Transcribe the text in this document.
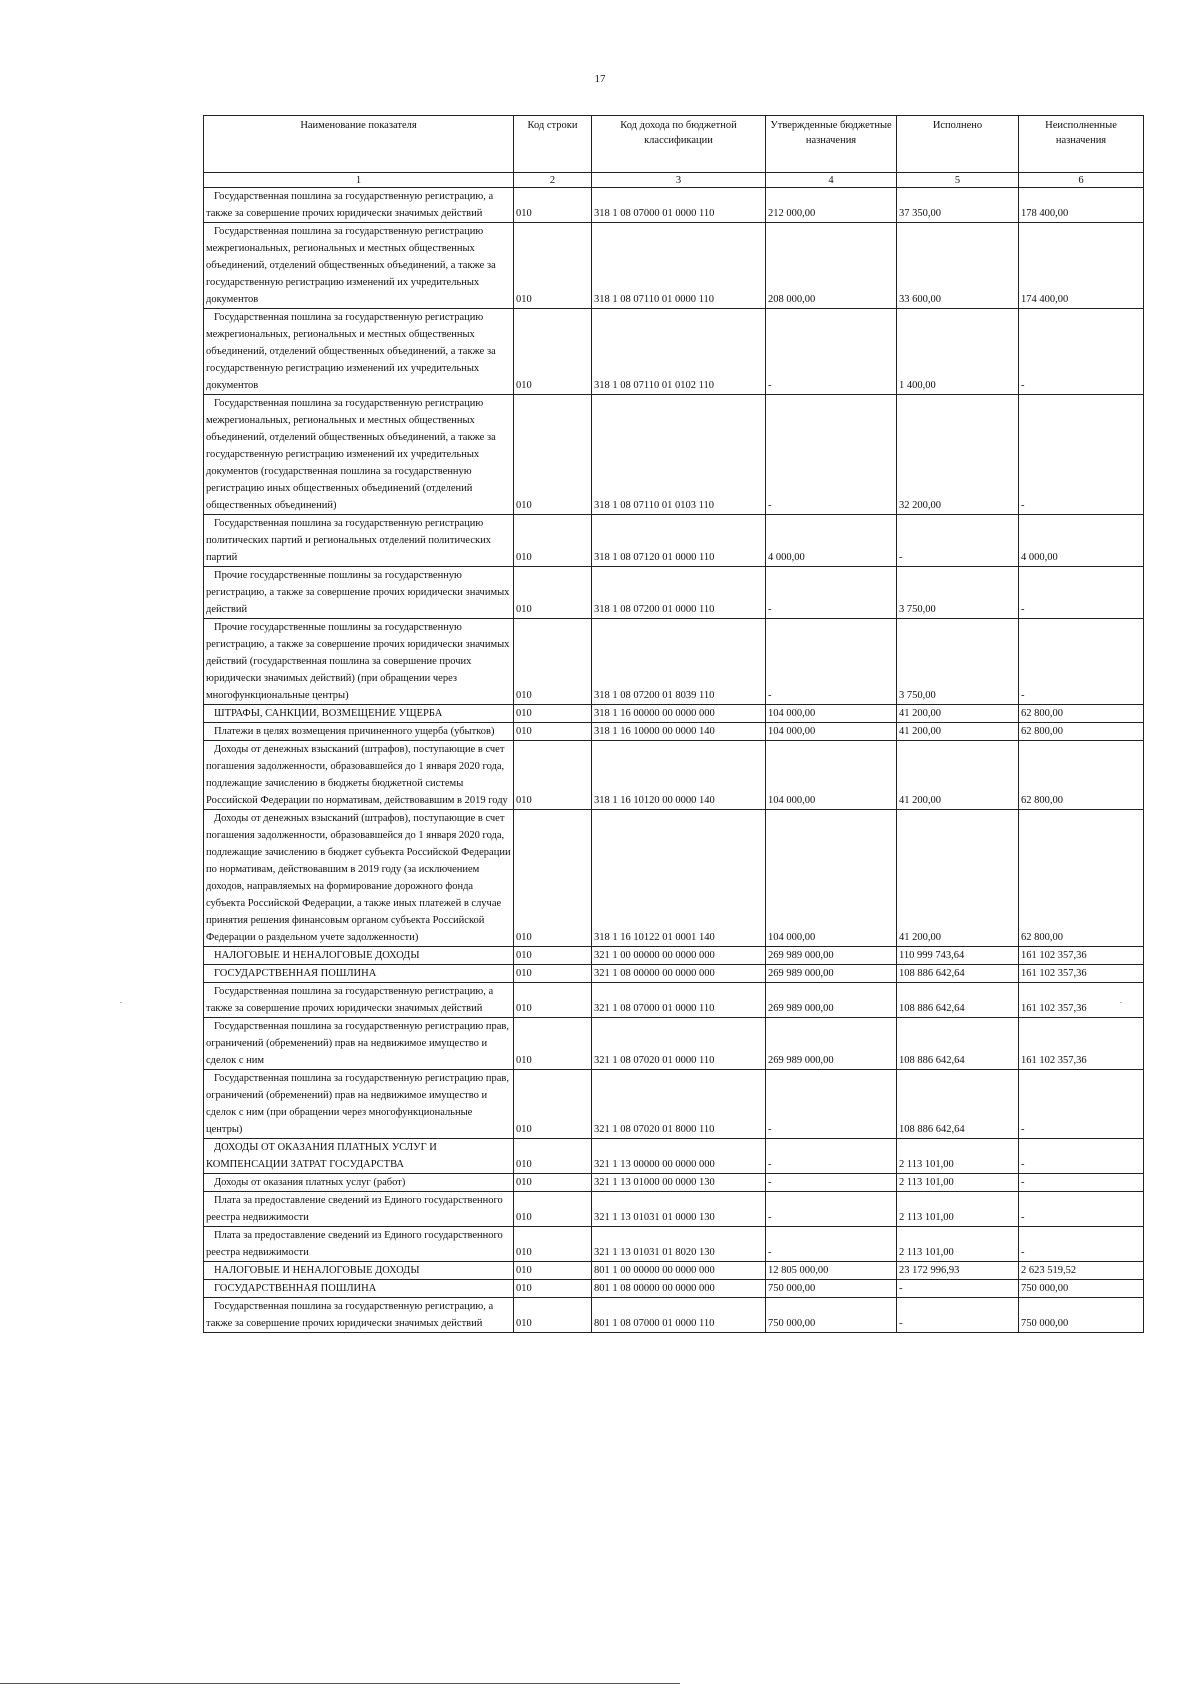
17
Наименование показателя	Код строки	Код дохода по бюджетной классификации	Утвержденные бюджетные назначения	Исполнено	Неисполненные назначения
1	2	3	4	5	6
Государственная пошлина за государственную регистрацию, а также за совершение прочих юридически значимых действий	010	318 1 08 07000 01 0000 110	212 000,00	37 350,00	178 400,00
Государственная пошлина за государственную регистрацию межрегиональных, региональных и местных общественных объединений, отделений общественных объединений, а также за государственную регистрацию изменений их учредительных документов	010	318 1 08 07110 01 0000 110	208 000,00	33 600,00	174 400,00
Государственная пошлина за государственную регистрацию межрегиональных, региональных и местных общественных объединений, отделений общественных объединений, а также за государственную регистрацию изменений их учредительных документов	010	318 1 08 07110 01 0102 110	-	1 400,00	-
Государственная пошлина за государственную регистрацию межрегиональных, региональных и местных общественных объединений, отделений общественных объединений, а также за государственную регистрацию изменений их учредительных документов (государственная пошлина за государственную регистрацию иных общественных объединений (отделений общественных объединений)	010	318 1 08 07110 01 0103 110	-	32 200,00	-
Государственная пошлина за государственную регистрацию политических партий и региональных отделений политических партий	010	318 1 08 07120 01 0000 110	4 000,00	-	4 000,00
Прочие государственные пошлины за государственную регистрацию, а также за совершение прочих юридически значимых действий	010	318 1 08 07200 01 0000 110	-	3 750,00	-
Прочие государственные пошлины за государственную регистрацию, а также за совершение прочих юридически значимых действий (государственная пошлина за совершение прочих юридически значимых действий) (при обращении через многофункциональные центры)	010	318 1 08 07200 01 8039 110	-	3 750,00	-
ШТРАФЫ, САНКЦИИ, ВОЗМЕЩЕНИЕ УЩЕРБА	010	318 1 16 00000 00 0000 000	104 000,00	41 200,00	62 800,00
Платежи в целях возмещения причиненного ущерба (убытков)	010	318 1 16 10000 00 0000 140	104 000,00	41 200,00	62 800,00
Доходы от денежных взысканий (штрафов), поступающие в счет погашения задолженности, образовавшейся до 1 января 2020 года, подлежащие зачислению в бюджеты бюджетной системы Российской Федерации по нормативам, действовавшим в 2019 году	010	318 1 16 10120 00 0000 140	104 000,00	41 200,00	62 800,00
Доходы от денежных взысканий (штрафов), поступающие в счет погашения задолженности, образовавшейся до 1 января 2020 года, подлежащие зачислению в бюджет субъекта Российской Федерации по нормативам, действовавшим в 2019 году (за исключением доходов, направляемых на формирование дорожного фонда субъекта Российской Федерации, а также иных платежей в случае принятия решения финансовым органом субъекта Российской Федерации о раздельном учете задолженности)	010	318 1 16 10122 01 0001 140	104 000,00	41 200,00	62 800,00
НАЛОГОВЫЕ И НЕНАЛОГОВЫЕ ДОХОДЫ	010	321 1 00 00000 00 0000 000	269 989 000,00	110 999 743,64	161 102 357,36
ГОСУДАРСТВЕННАЯ ПОШЛИНА	010	321 1 08 00000 00 0000 000	269 989 000,00	108 886 642,64	161 102 357,36
Государственная пошлина за государственную регистрацию, а также за совершение прочих юридически значимых действий	010	321 1 08 07000 01 0000 110	269 989 000,00	108 886 642,64	161 102 357,36
Государственная пошлина за государственную регистрацию прав, ограничений (обременений) прав на недвижимое имущество и сделок с ним	010	321 1 08 07020 01 0000 110	269 989 000,00	108 886 642,64	161 102 357,36
Государственная пошлина за государственную регистрацию прав, ограничений (обременений) прав на недвижимое имущество и сделок с ним (при обращении через многофункциональные центры)	010	321 1 08 07020 01 8000 110	-	108 886 642,64	-
ДОХОДЫ ОТ ОКАЗАНИЯ ПЛАТНЫХ УСЛУГ И КОМПЕНСАЦИИ ЗАТРАТ ГОСУДАРСТВА	010	321 1 13 00000 00 0000 000	-	2 113 101,00	-
Доходы от оказания платных услуг (работ)	010	321 1 13 01000 00 0000 130	-	2 113 101,00	-
Плата за предоставление сведений из Единого государственного реестра недвижимости	010	321 1 13 01031 01 0000 130	-	2 113 101,00	-
Плата за предоставление сведений из Единого государственного реестра недвижимости	010	321 1 13 01031 01 8020 130	-	2 113 101,00	-
НАЛОГОВЫЕ И НЕНАЛОГОВЫЕ ДОХОДЫ	010	801 1 00 00000 00 0000 000	12 805 000,00	23 172 996,93	2 623 519,52
ГОСУДАРСТВЕННАЯ ПОШЛИНА	010	801 1 08 00000 00 0000 000	750 000,00	-	750 000,00
Государственная пошлина за государственную регистрацию, а также за совершение прочих юридически значимых действий	010	801 1 08 07000 01 0000 110	750 000,00	-	750 000,00
